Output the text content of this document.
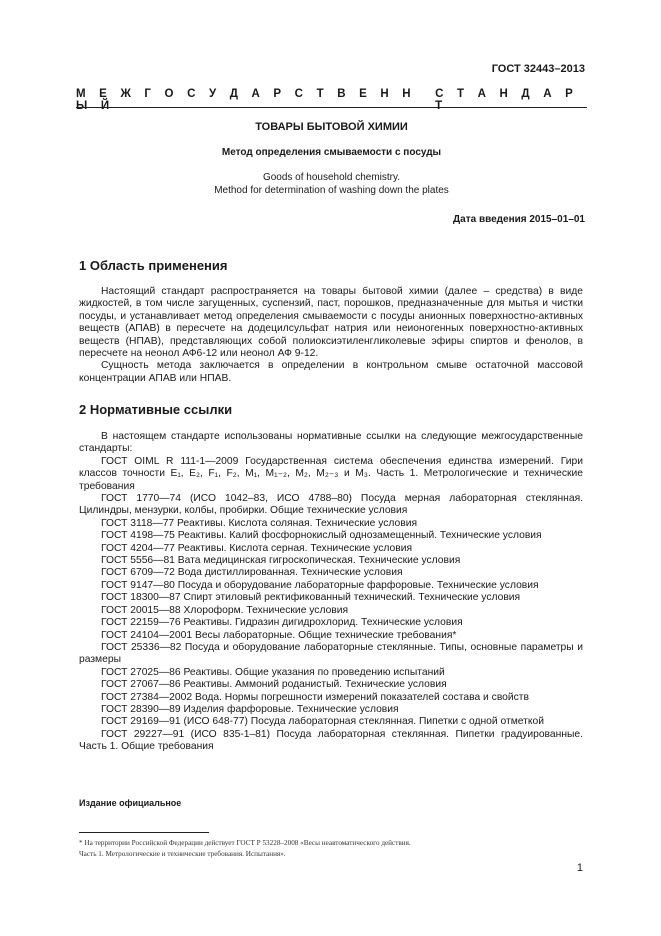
ГОСТ 32443–2013
М Е Ж Г О С У Д А Р С Т В Е Н Н Ы Й
С Т А Н Д А Р Т
ТОВАРЫ БЫТОВОЙ ХИМИИ
Метод определения смываемости с посуды
Goods of household chemistry.
Method for determination of washing down the plates
Дата введения 2015–01–01
1 Область применения

Настоящий стандарт распространяется на товары бытовой химии (далее – средства) в виде жидкостей, в том числе загущенных, суспензий, паст, порошков, предназначенные для мытья и чистки посуды, и устанавливает метод определения смываемости с посуды анионных поверхностно-активных веществ (АПАВ) в пересчете на додецилсульфат натрия или неионогенных поверхностно-активных веществ (НПАВ), представляющих собой полиоксиэтиленгликолевые эфиры спиртов и фенолов, в пересчете на неонол АФ6-12 или неонол АФ 9-12.

Сущность метода заключается в определении в контрольном смыве остаточной массовой концентрации АПАВ или НПАВ.

2 Нормативные ссылки

В настоящем стандарте использованы нормативные ссылки на следующие межгосударственные стандарты:

ГОСТ OIML R 111-1—2009 Государственная система обеспечения единства измерений. Гири классов точности E₁, E₂, F₁, F₂, M₁, M₁₋₂, M₂, M₂₋₃ и M₃. Часть 1. Метрологические и технические требования

ГОСТ 1770—74 (ИСО 1042–83, ИСО 4788–80) Посуда мерная лабораторная стеклянная. Цилиндры, мензурки, колбы, пробирки. Общие технические условия

ГОСТ 3118—77 Реактивы. Кислота соляная. Технические условия

ГОСТ 4198—75 Реактивы. Калий фосфорнокислый однозамещенный. Технические условия

ГОСТ 4204—77 Реактивы. Кислота серная. Технические условия

ГОСТ 5556—81 Вата медицинская гигроскопическая. Технические условия

ГОСТ 6709—72 Вода дистиллированная. Технические условия

ГОСТ 9147—80 Посуда и оборудование лабораторные фарфоровые. Технические условия

ГОСТ 18300—87 Спирт этиловый ректификованный технический. Технические условия

ГОСТ 20015—88 Хлороформ. Технические условия

ГОСТ 22159—76 Реактивы. Гидразин дигидрохлорид. Технические условия

ГОСТ 24104—2001 Весы лабораторные. Общие технические требования*

ГОСТ 25336—82 Посуда и оборудование лабораторные стеклянные. Типы, основные параметры и размеры

ГОСТ 27025—86 Реактивы. Общие указания по проведению испытаний

ГОСТ 27067—86 Реактивы. Аммоний роданистый. Технические условия

ГОСТ 27384—2002 Вода. Нормы погрешности измерений показателей состава и свойств

ГОСТ 28390—89 Изделия фарфоровые. Технические условия

ГОСТ 29169—91 (ИСО 648-77) Посуда лабораторная стеклянная. Пипетки с одной отметкой

ГОСТ 29227—91 (ИСО 835-1–81) Посуда лабораторная стеклянная. Пипетки градуированные. Часть 1. Общие требования

Издание официальное
* На территории Российской Федерации действует ГОСТ Р 53228–2008 «Весы неавтоматического действия.
Часть 1. Метрологические и технические требования. Испытания».
1
